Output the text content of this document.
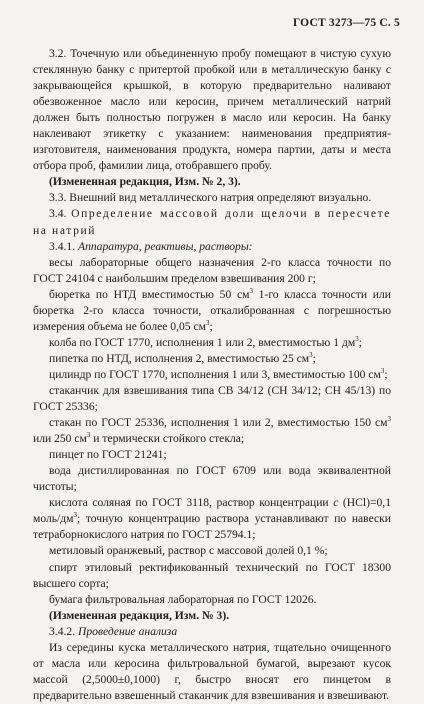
ГОСТ 3273—75 С. 5

3.2. Точечную или объединенную пробу помещают в чистую сухую стеклянную банку с притертой пробкой или в металлическую банку с закрывающейся крышкой, в которую предварительно наливают обезвоженное масло или керосин, причем металлический натрий должен быть полностью погружен в масло или керосин. На банку наклеивают этикетку с указанием: наименования предприятия-изготовителя, наименования продукта, номера партии, даты и места отбора проб, фамилии лица, отобравшего пробу.

(Измененная редакция, Изм. № 2, 3).

3.3. Внешний вид металлического натрия определяют визуально.

3.4. Определение массовой доли щелочи в пересчете на натрий

3.4.1. Аппаратура, реактивы, растворы:

весы лабораторные общего назначения 2-го класса точности по ГОСТ 24104 с наибольшим пределом взвешивания 200 г;

бюретка по НТД вместимостью 50 $см^3$ 1-го класса точности или бюретка 2-го класса точности, откалиброванная с погрешностью измерения объема не более 0,05 $см^3$;

колба по ГОСТ 1770, исполнения 1 или 2, вместимостью 1 $дм^3$;

пипетка по НТД, исполнения 2, вместимостью 25 $см^3$;

цилиндр по ГОСТ 1770, исполнения 1 или 3, вместимостью 100 $см^3$;

стаканчик для взвешивания типа СВ 34/12 (СН 34/12; СН 45/13) по ГОСТ 25336;

стакан по ГОСТ 25336, исполнения 1 или 2, вместимостью 150 $см^3$ или 250 $см^3$ и термически стойкого стекла;

пинцет по ГОСТ 21241;

вода дистиллированная по ГОСТ 6709 или вода эквивалентной чистоты;

кислота соляная по ГОСТ 3118, раствор концентрации c (HCl)=0,1 моль/$дм^3$; точную концентрацию раствора устанавливают по навески тетраборнокислого натрия по ГОСТ 25794.1;

метиловый оранжевый, раствор с массовой долей 0,1 %;

спирт этиловый ректификованный технический по ГОСТ 18300 высшего сорта;

бумага фильтровальная лабораторная по ГОСТ 12026.

(Измененная редакция, Изм. № 3).

3.4.2. Проведение анализа

Из середины куска металлического натрия, тщательно очищенного от масла или керосина фильтровальной бумагой, вырезают кусок массой (2,5000±0,1000) г, быстро вносят его пинцетом в предварительно взвешенный стаканчик для взвешивания и взвешивают.
